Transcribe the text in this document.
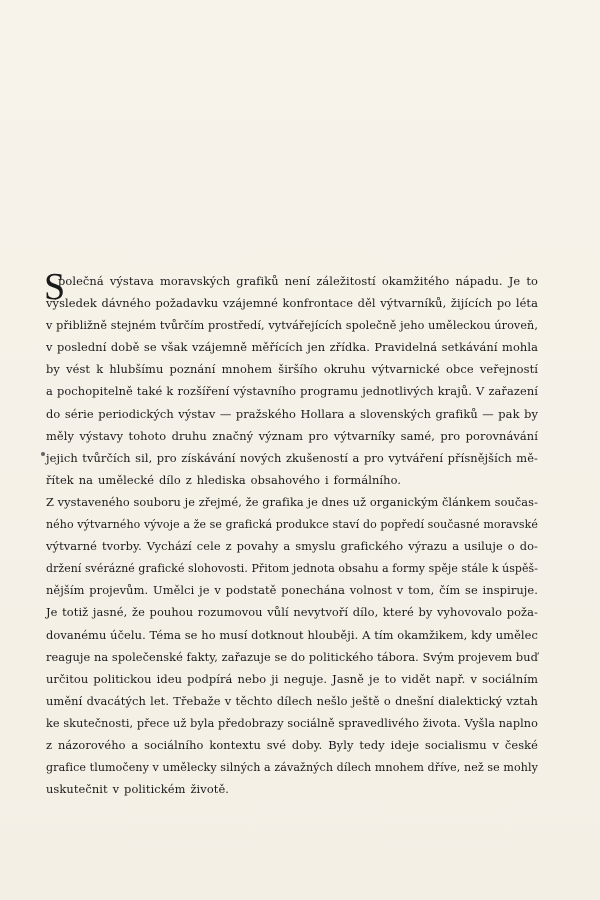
S
polečná výstava moravských grafiků není záležitostí okamžitého nápadu. Je to
výsledek dávného požadavku vzájemné konfrontace děl výtvarníků, žijících po léta
v přibližně stejném tvůrčím prostředí, vytvářejících společně jeho uměleckou úroveň,
v poslední době se však vzájemně měřících jen zřídka. Pravidelná setkávání mohla
by vést k hlubšímu poznání mnohem širšího okruhu výtvarnické obce veřejností
a pochopitelně také k rozšíření výstavního programu jednotlivých krajů. V zařazení
do série periodických výstav — pražského Hollara a slovenských grafiků — pak by
měly výstavy tohoto druhu značný význam pro výtvarníky samé, pro porovnávání
jejich tvůrčích sil, pro získávání nových zkušeností a pro vytváření přísnějších mě-
řítek na umělecké dílo z hlediska obsahového i formálního.
Z vystaveného souboru je zřejmé, že grafika je dnes už organickým článkem součas-
ného výtvarného vývoje a že se grafická produkce staví do popředí současné moravské
výtvarné tvorby. Vychází cele z povahy a smyslu grafického výrazu a usiluje o do-
držení svérázné grafické slohovosti. Přitom jednota obsahu a formy spěje stále k úspěš-
nějším projevům. Umělci je v podstatě ponechána volnost v tom, čím se inspiruje.
Je totiž jasné, že pouhou rozumovou vůlí nevytvoří dílo, které by vyhovovalo poža-
dovanému účelu. Téma se ho musí dotknout hlouběji. A tím okamžikem, kdy umělec
reaguje na společenské fakty, zařazuje se do politického tábora. Svým projevem buď
určitou politickou ideu podpírá nebo ji neguje. Jasně je to vidět např. v sociálním
umění dvacátých let. Třebaže v těchto dílech nešlo ještě o dnešní dialektický vztah
ke skutečnosti, přece už byla předobrazy sociálně spravedlivého života. Vyšla naplno
z názorového a sociálního kontextu své doby. Byly tedy ideje socialismu v české
grafice tlumočeny v umělecky silných a závažných dílech mnohem dříve, než se mohly
uskutečnit v politickém životě.
